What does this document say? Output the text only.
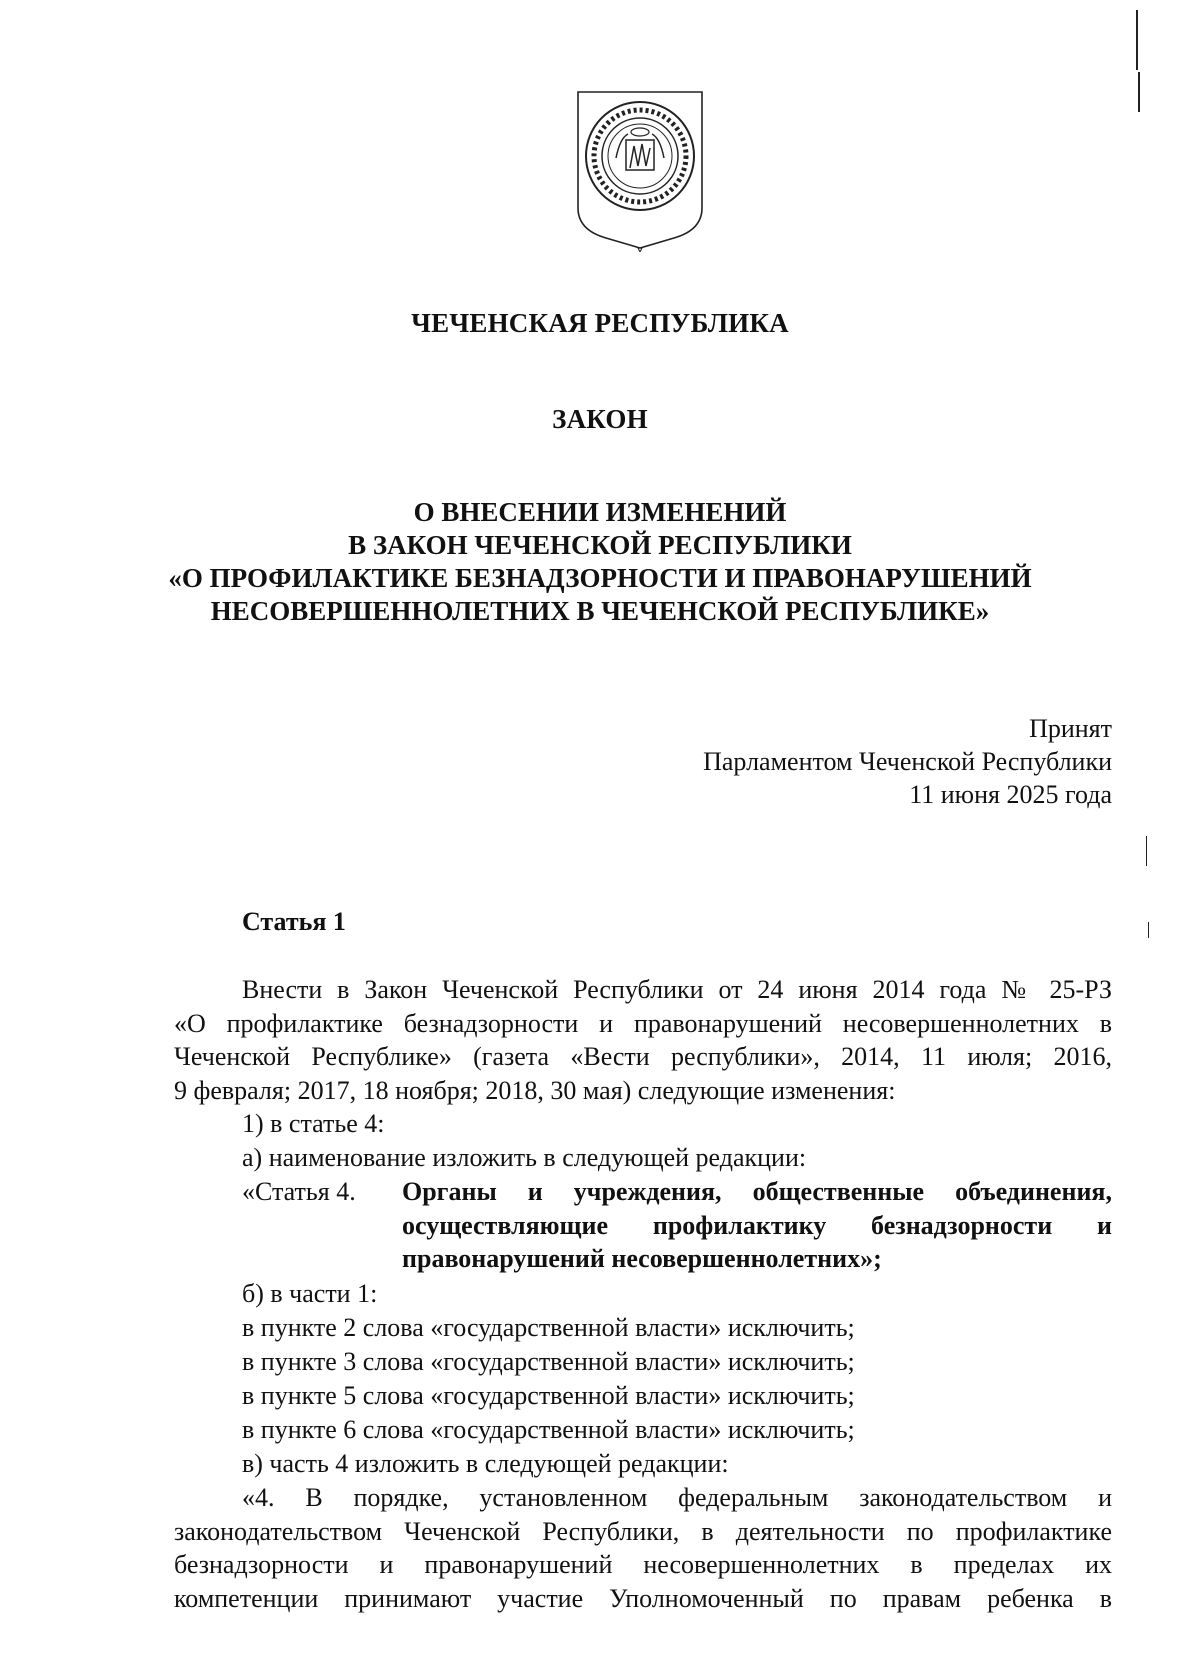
ЧЕЧЕНСКАЯ РЕСПУБЛИКА
ЗАКОН
О ВНЕСЕНИИ ИЗМЕНЕНИЙ
В ЗАКОН ЧЕЧЕНСКОЙ РЕСПУБЛИКИ
«О ПРОФИЛАКТИКЕ БЕЗНАДЗОРНОСТИ И ПРАВОНАРУШЕНИЙ
НЕСОВЕРШЕННОЛЕТНИХ В ЧЕЧЕНСКОЙ РЕСПУБЛИКЕ»
Принят
Парламентом Чеченской Республики
11 июня 2025 года
Статья 1
Внести в Закон Чеченской Республики от 24 июня 2014 года № 25-РЗ
«О профилактике безнадзорности и правонарушений несовершеннолетних в
Чеченской Республике» (газета «Вести республики», 2014, 11 июля; 2016,
9 февраля; 2017, 18 ноября; 2018, 30 мая) следующие изменения:
1) в статье 4:
а) наименование изложить в следующей редакции:
«Статья 4. Органы и учреждения, общественные объединения,
осуществляющие профилактику безнадзорности и
правонарушений несовершеннолетних»;
б) в части 1:
в пункте 2 слова «государственной власти» исключить;
в пункте 3 слова «государственной власти» исключить;
в пункте 5 слова «государственной власти» исключить;
в пункте 6 слова «государственной власти» исключить;
в) часть 4 изложить в следующей редакции:
«4. В порядке, установленном федеральным законодательством и
законодательством Чеченской Республики, в деятельности по профилактике
безнадзорности и правонарушений несовершеннолетних в пределах их
компетенции принимают участие Уполномоченный по правам ребенка в
